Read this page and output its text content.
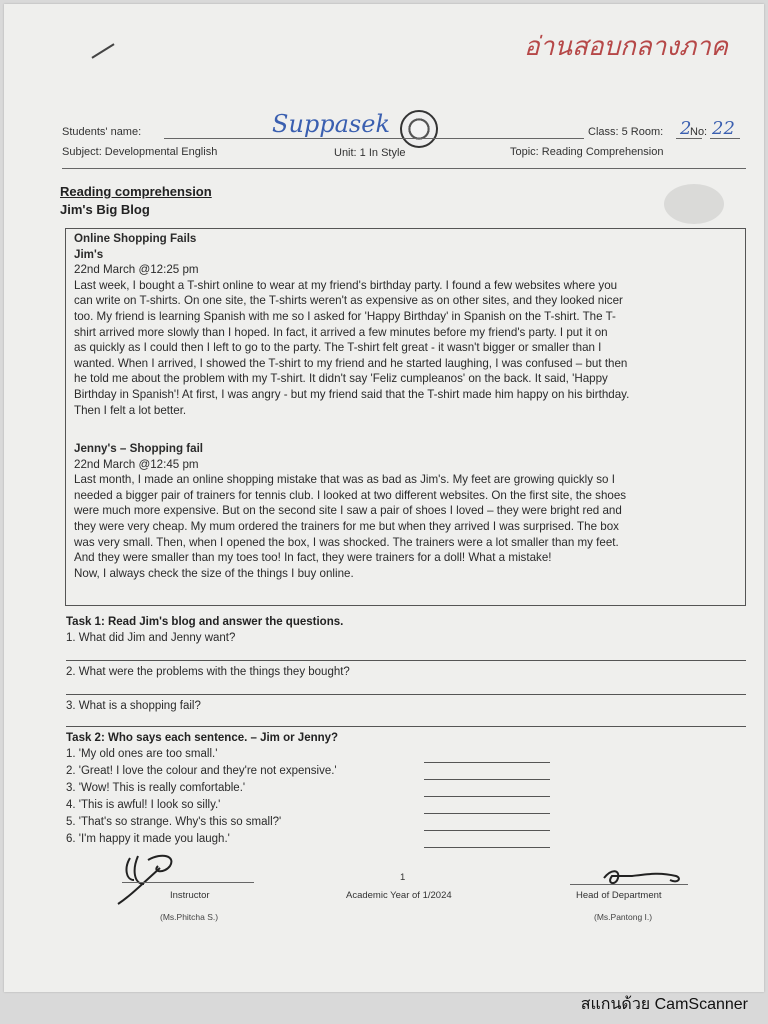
อ่านสอบกลางภาค
Students' name:	Suppasek	Class: 5 Room: 2
No: 22
Subject: Developmental English	Unit: 1 In Style	Topic: Reading Comprehension
Reading comprehension
Jim's Big Blog
Online Shopping Fails
Jim's
22nd March @12:25 pm
Last week, I bought a T-shirt online to wear at my friend's birthday party. I found a few websites where you
can write on T-shirts. On one site, the T-shirts weren't as expensive as on other sites, and they looked nicer
too. My friend is learning Spanish with me so I asked for 'Happy Birthday' in Spanish on the T-shirt. The T-
shirt arrived more slowly than I hoped. In fact, it arrived a few minutes before my friend's party. I put it on
as quickly as I could then I left to go to the party. The T-shirt felt great - it wasn't bigger or smaller than I
wanted. When I arrived, I showed the T-shirt to my friend and he started laughing, I was confused – but then
he told me about the problem with my T-shirt. It didn't say 'Feliz cumpleanos' on the back. It said, 'Happy
Birthday in Spanish'! At first, I was angry - but my friend said that the T-shirt made him happy on his birthday.
Then I felt a lot better.
Jenny's – Shopping fail
22nd March @12:45 pm
Last month, I made an online shopping mistake that was as bad as Jim's. My feet are growing quickly so I
needed a bigger pair of trainers for tennis club. I looked at two different websites. On the first site, the shoes
were much more expensive. But on the second site I saw a pair of shoes I loved – they were bright red and
they were very cheap. My mum ordered the trainers for me but when they arrived I was surprised. The box
was very small. Then, when I opened the box, I was shocked. The trainers were a lot smaller than my feet.
And they were smaller than my toes too! In fact, they were trainers for a doll! What a mistake!
Now, I always check the size of the things I buy online.
Task 1: Read Jim's blog and answer the questions.
1. What did Jim and Jenny want?
2. What were the problems with the things they bought?
3. What is a shopping fail?
Task 2: Who says each sentence. – Jim or Jenny?
1. 'My old ones are too small.'
2. 'Great! I love the colour and they're not expensive.'
3. 'Wow! This is really comfortable.'
4. 'This is awful! I look so silly.'
5. 'That's so strange. Why's this so small?'
6. 'I'm happy it made you laugh.'
Instructor
(Ms.Phitcha S.)
1
Academic Year of 1/2024	Head of Department
(Ms.Pantong I.)
สแกนด้วย CamScanner
